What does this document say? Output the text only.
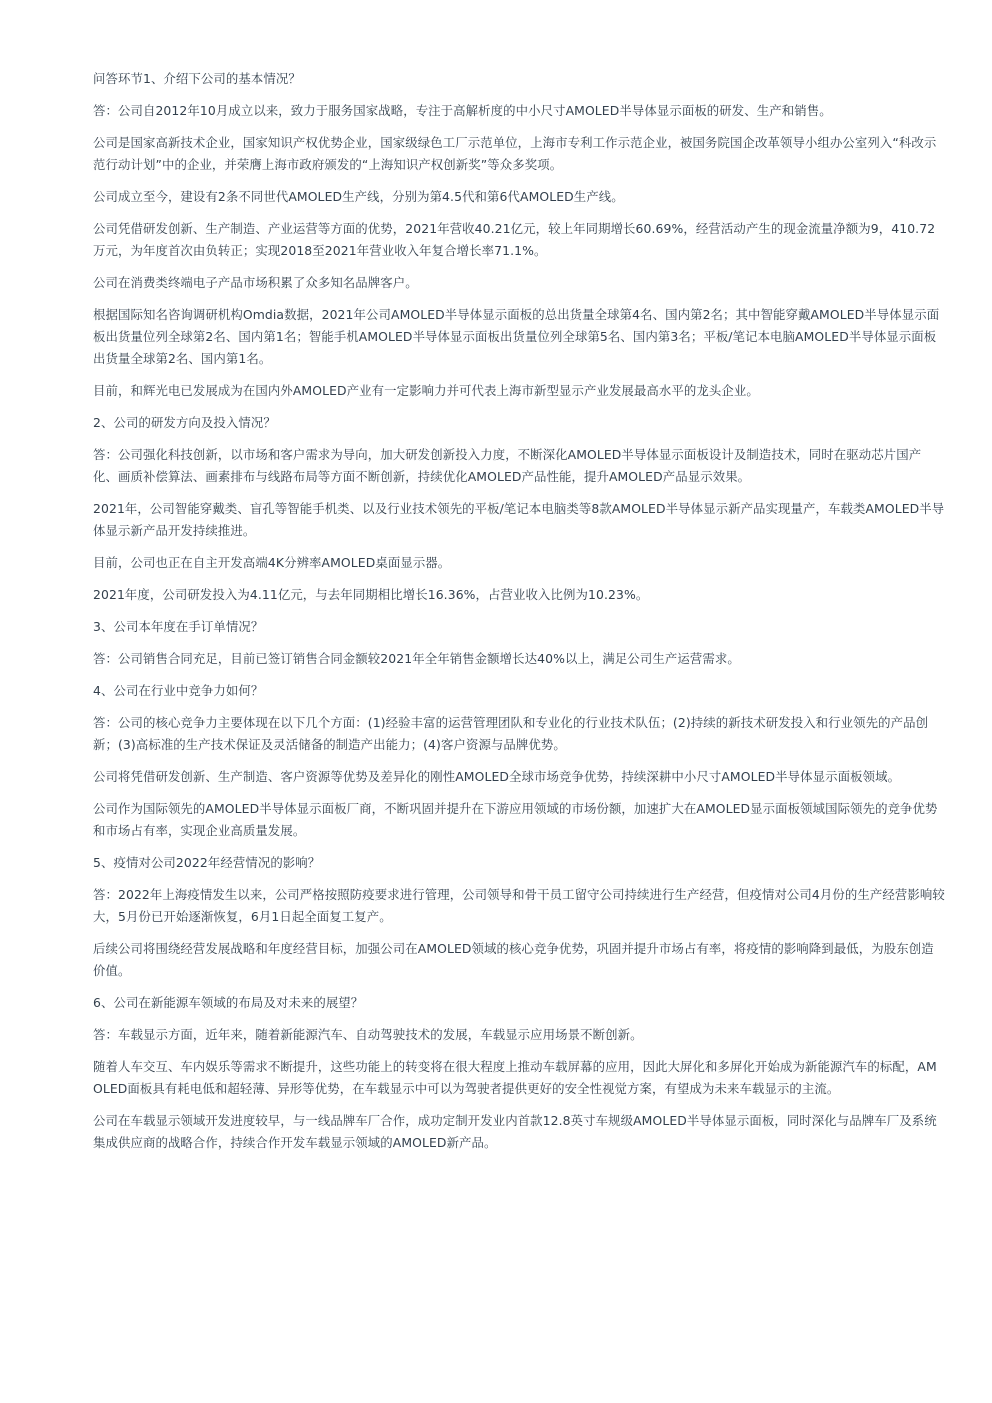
问答环节1、介绍下公司的基本情况？

答：公司自2012年10月成立以来，致力于服务国家战略，专注于高解析度的中小尺寸AMOLED半导体显示面板的研发、生产和销售。

公司是国家高新技术企业，国家知识产权优势企业，国家级绿色工厂示范单位，上海市专利工作示范企业，被国务院国企改革领导小组办公室列入“科改示范行动计划”中的企业，并荣膺上海市政府颁发的“上海知识产权创新奖”等众多奖项。

公司成立至今，建设有2条不同世代AMOLED生产线，分别为第4.5代和第6代AMOLED生产线。

公司凭借研发创新、生产制造、产业运营等方面的优势，2021年营收40.21亿元，较上年同期增长60.69%，经营活动产生的现金流量净额为9，410.72万元，为年度首次由负转正；实现2018至2021年营业收入年复合增长率71.1%。

公司在消费类终端电子产品市场积累了众多知名品牌客户。

根据国际知名咨询调研机构Omdia数据，2021年公司AMOLED半导体显示面板的总出货量全球第4名、国内第2名；其中智能穿戴AMOLED半导体显示面板出货量位列全球第2名、国内第1名；智能手机AMOLED半导体显示面板出货量位列全球第5名、国内第3名；平板/笔记本电脑AMOLED半导体显示面板出货量全球第2名、国内第1名。

目前，和辉光电已发展成为在国内外AMOLED产业有一定影响力并可代表上海市新型显示产业发展最高水平的龙头企业。

2、公司的研发方向及投入情况？

答：公司强化科技创新，以市场和客户需求为导向，加大研发创新投入力度，不断深化AMOLED半导体显示面板设计及制造技术，同时在驱动芯片国产化、画质补偿算法、画素排布与线路布局等方面不断创新，持续优化AMOLED产品性能，提升AMOLED产品显示效果。

2021年，公司智能穿戴类、盲孔等智能手机类、以及行业技术领先的平板/笔记本电脑类等8款AMOLED半导体显示新产品实现量产，车载类AMOLED半导体显示新产品开发持续推进。

目前，公司也正在自主开发高端4K分辨率AMOLED桌面显示器。

2021年度，公司研发投入为4.11亿元，与去年同期相比增长16.36%，占营业收入比例为10.23%。

3、公司本年度在手订单情况？

答：公司销售合同充足，目前已签订销售合同金额较2021年全年销售金额增长达40%以上，满足公司生产运营需求。

4、公司在行业中竞争力如何？

答：公司的核心竞争力主要体现在以下几个方面：(1)经验丰富的运营管理团队和专业化的行业技术队伍；(2)持续的新技术研发投入和行业领先的产品创新；(3)高标准的生产技术保证及灵活储备的制造产出能力；(4)客户资源与品牌优势。

公司将凭借研发创新、生产制造、客户资源等优势及差异化的刚性AMOLED全球市场竞争优势，持续深耕中小尺寸AMOLED半导体显示面板领域。

公司作为国际领先的AMOLED半导体显示面板厂商，不断巩固并提升在下游应用领域的市场份额，加速扩大在AMOLED显示面板领域国际领先的竞争优势和市场占有率，实现企业高质量发展。

5、疫情对公司2022年经营情况的影响？

答：2022年上海疫情发生以来，公司严格按照防疫要求进行管理，公司领导和骨干员工留守公司持续进行生产经营，但疫情对公司4月份的生产经营影响较大，5月份已开始逐渐恢复，6月1日起全面复工复产。

后续公司将围绕经营发展战略和年度经营目标，加强公司在AMOLED领域的核心竞争优势，巩固并提升市场占有率，将疫情的影响降到最低，为股东创造价值。

6、公司在新能源车领域的布局及对未来的展望？

答：车载显示方面，近年来，随着新能源汽车、自动驾驶技术的发展，车载显示应用场景不断创新。

随着人车交互、车内娱乐等需求不断提升，这些功能上的转变将在很大程度上推动车载屏幕的应用，因此大屏化和多屏化开始成为新能源汽车的标配，AMOLED面板具有耗电低和超轻薄、异形等优势，在车载显示中可以为驾驶者提供更好的安全性视觉方案，有望成为未来车载显示的主流。

公司在车载显示领域开发进度较早，与一线品牌车厂合作，成功定制开发业内首款12.8英寸车规级AMOLED半导体显示面板，同时深化与品牌车厂及系统集成供应商的战略合作，持续合作开发车载显示领域的AMOLED新产品。
